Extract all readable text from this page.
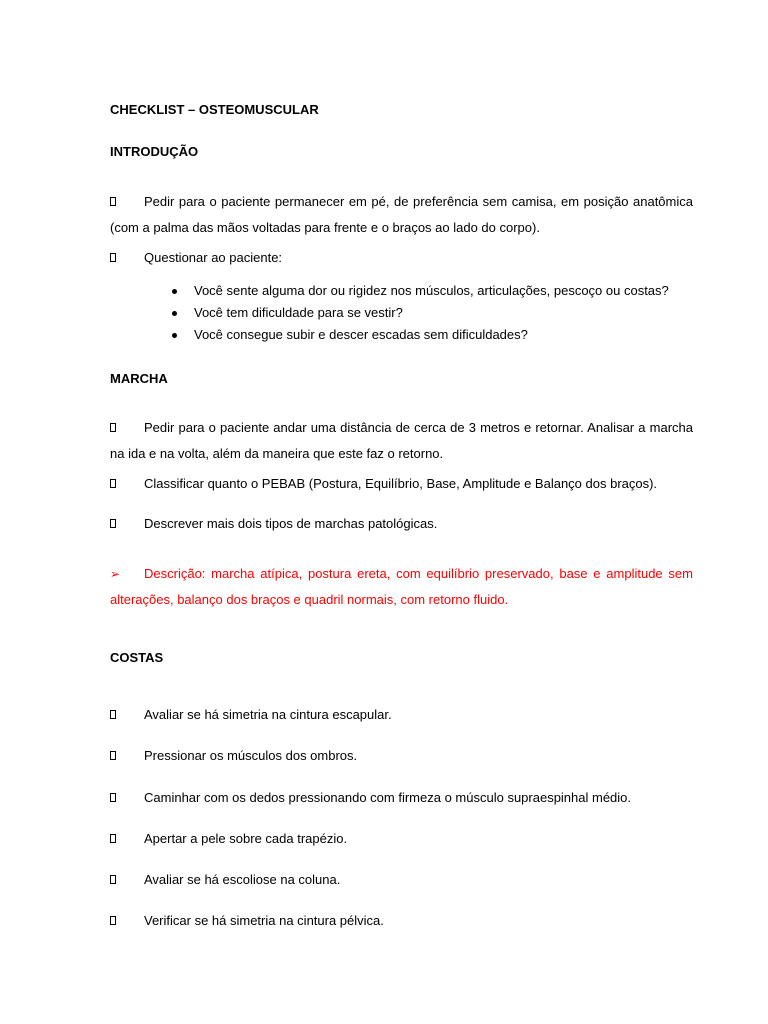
CHECKLIST – OSTEOMUSCULAR
INTRODUÇÃO
Pedir para o paciente permanecer em pé, de preferência sem camisa, em posição anatômica (com a palma das mãos voltadas para frente e o braços ao lado do corpo).
Questionar ao paciente:
Você sente alguma dor ou rigidez nos músculos, articulações, pescoço ou costas?
Você tem dificuldade para se vestir?
Você consegue subir e descer escadas sem dificuldades?
MARCHA
Pedir para o paciente andar uma distância de cerca de 3 metros e retornar. Analisar a marcha na ida e na volta, além da maneira que este faz o retorno.
Classificar quanto o PEBAB (Postura, Equilíbrio, Base, Amplitude e Balanço dos braços).
Descrever mais dois tipos de marchas patológicas.
➢	Descrição: marcha atípica, postura ereta, com equilíbrio preservado, base e amplitude sem alterações, balanço dos braços e quadril normais, com retorno fluido.
COSTAS
Avaliar se há simetria na cintura escapular.
Pressionar os músculos dos ombros.
Caminhar com os dedos pressionando com firmeza o músculo supraespinhal médio.
Apertar a pele sobre cada trapézio.
Avaliar se há escoliose na coluna.
Verificar se há simetria na cintura pélvica.
